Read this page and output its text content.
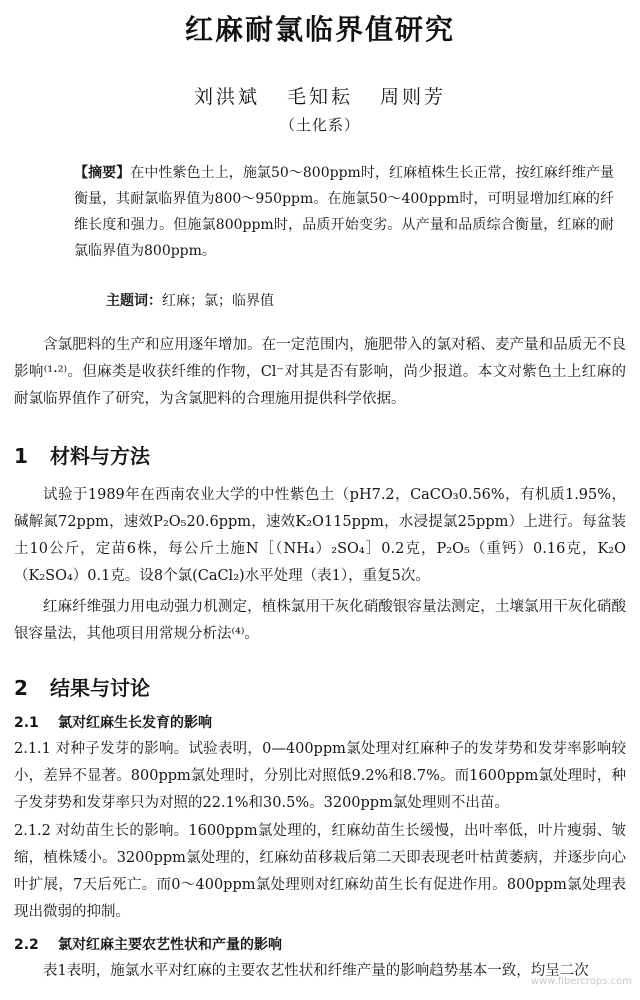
红麻耐氯临界值研究
刘洪斌 毛知耘 周则芳
（土化系）
【摘要】在中性紫色土上，施氯50～800ppm时，红麻植株生长正常，按红麻纤维产量衡量，其耐氯临界值为800～950ppm。在施氯50～400ppm时，可明显增加红麻的纤维长度和强力。但施氯800ppm时，品质开始变劣。从产量和品质综合衡量，红麻的耐氯临界值为800ppm。
主题词：红麻；氯；临界值
含氯肥料的生产和应用逐年增加。在一定范围内，施肥带入的氯对稻、麦产量和品质无不良影响⁽¹·²⁾。但麻类是收获纤维的作物，Cl⁻对其是否有影响，尚少报道。本文对紫色土上红麻的耐氯临界值作了研究，为含氯肥料的合理施用提供科学依据。
1 材料与方法
试验于1989年在西南农业大学的中性紫色土（pH7.2，CaCO₃0.56%，有机质1.95%，碱解氮72ppm，速效P₂O₅20.6ppm，速效K₂O115ppm，水浸提氯25ppm）上进行。每盆装土10公斤，定苗6株，每公斤土施N［（NH₄）₂SO₄］0.2克，P₂O₅（重钙）0.16克，K₂O（K₂SO₄）0.1克。设8个氯(CaCl₂)水平处理（表1），重复5次。
红麻纤维强力用电动强力机测定，植株氯用干灰化硝酸银容量法测定，土壤氯用干灰化硝酸银容量法，其他项目用常规分析法⁽⁴⁾。
2 结果与讨论
2.1 氯对红麻生长发育的影响
2.1.1 对种子发芽的影响。试验表明，0—400ppm氯处理对红麻种子的发芽势和发芽率影响较小，差异不显著。800ppm氯处理时，分别比对照低9.2%和8.7%。而1600ppm氯处理时，种子发芽势和发芽率只为对照的22.1%和30.5%。3200ppm氯处理则不出苗。
2.1.2 对幼苗生长的影响。1600ppm氯处理的，红麻幼苗生长缓慢，出叶率低，叶片瘦弱、皱缩，植株矮小。3200ppm氯处理的，红麻幼苗移栽后第二天即表现老叶枯黄萎病，并逐步向心叶扩展，7天后死亡。而0～400ppm氯处理则对红麻幼苗生长有促进作用。800ppm氯处理表现出微弱的抑制。
2.2 氯对红麻主要农艺性状和产量的影响
表1表明，施氯水平对红麻的主要农艺性状和纤维产量的影响趋势基本一致，均呈二次
www.fibercrops.com
